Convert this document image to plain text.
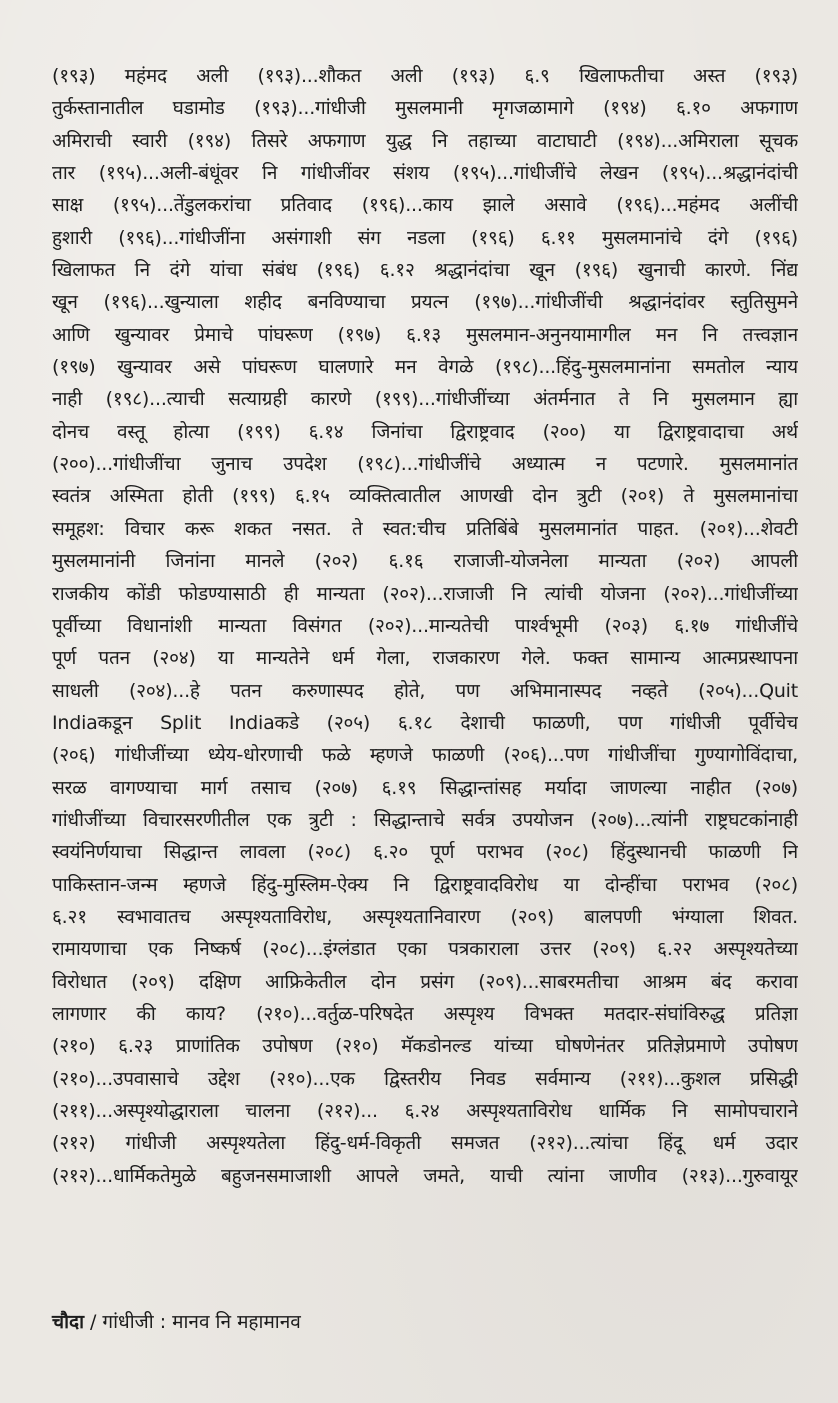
(१९३) महंमद अली (१९३)...शौकत अली (१९३) ६.९ खिलाफतीचा अस्त (१९३)
तुर्कस्तानातील घडामोड (१९३)...गांधीजी मुसलमानी मृगजळामागे (१९४) ६.१० अफगाण
अमिराची स्वारी (१९४) तिसरे अफगाण युद्ध नि तहाच्या वाटाघाटी (१९४)...अमिराला सूचक
तार (१९५)...अली-बंधूंवर नि गांधीजींवर संशय (१९५)...गांधीजींचे लेखन (१९५)...श्रद्धानंदांची
साक्ष (१९५)...तेंडुलकरांचा प्रतिवाद (१९६)...काय झाले असावे (१९६)...महंमद अलींची
हुशारी (१९६)...गांधीजींना असंगाशी संग नडला (१९६) ६.११ मुसलमानांचे दंगे (१९६)
खिलाफत नि दंगे यांचा संबंध (१९६) ६.१२ श्रद्धानंदांचा खून (१९६) खुनाची कारणे. निंद्य
खून (१९६)...खुन्याला शहीद बनविण्याचा प्रयत्न (१९७)...गांधीजींची श्रद्धानंदांवर स्तुतिसुमने
आणि खुन्यावर प्रेमाचे पांघरूण (१९७) ६.१३ मुसलमान-अनुनयामागील मन नि तत्त्वज्ञान
(१९७) खुन्यावर असे पांघरूण घालणारे मन वेगळे (१९८)...हिंदु-मुसलमानांना समतोल न्याय
नाही (१९८)...त्याची सत्याग्रही कारणे (१९९)...गांधीजींच्या अंतर्मनात ते नि मुसलमान ह्या
दोनच वस्तू होत्या (१९९) ६.१४ जिनांचा द्विराष्ट्रवाद (२००) या द्विराष्ट्रवादाचा अर्थ
(२००)...गांधीजींचा जुनाच उपदेश (१९८)...गांधीजींचे अध्यात्म न पटणारे. मुसलमानांत
स्वतंत्र अस्मिता होती (१९९) ६.१५ व्यक्तित्वातील आणखी दोन त्रुटी (२०१) ते मुसलमानांचा
समूहश: विचार करू शकत नसत. ते स्वत:चीच प्रतिबिंबे मुसलमानांत पाहत. (२०१)...शेवटी
मुसलमानांनी जिनांना मानले (२०२) ६.१६ राजाजी-योजनेला मान्यता (२०२) आपली
राजकीय कोंडी फोडण्यासाठी ही मान्यता (२०२)...राजाजी नि त्यांची योजना (२०२)...गांधीजींच्या
पूर्वीच्या विधानांशी मान्यता विसंगत (२०२)...मान्यतेची पार्श्वभूमी (२०३) ६.१७ गांधीजींचे
पूर्ण पतन (२०४) या मान्यतेने धर्म गेला, राजकारण गेले. फक्त सामान्य आत्मप्रस्थापना
साधली (२०४)...हे पतन करुणास्पद होते, पण अभिमानास्पद नव्हते (२०५)...Quit
Indiaकडून Split Indiaकडे (२०५) ६.१८ देशाची फाळणी, पण गांधीजी पूर्वीचेच
(२०६) गांधीजींच्या ध्येय-धोरणाची फळे म्हणजे फाळणी (२०६)...पण गांधीजींचा गुण्यागोविंदाचा,
सरळ वागण्याचा मार्ग तसाच (२०७) ६.१९ सिद्धान्तांसह मर्यादा जाणल्या नाहीत (२०७)
गांधीजींच्या विचारसरणीतील एक त्रुटी : सिद्धान्ताचे सर्वत्र उपयोजन (२०७)...त्यांनी राष्ट्रघटकांनाही
स्वयंनिर्णयाचा सिद्धान्त लावला (२०८) ६.२० पूर्ण पराभव (२०८) हिंदुस्थानची फाळणी नि
पाकिस्तान-जन्म म्हणजे हिंदु-मुस्लिम-ऐक्य नि द्विराष्ट्रवादविरोध या दोन्हींचा पराभव (२०८)
६.२१ स्वभावातच अस्पृश्यताविरोध, अस्पृश्यतानिवारण (२०९) बालपणी भंग्याला शिवत.
रामायणाचा एक निष्कर्ष (२०८)...इंग्लंडात एका पत्रकाराला उत्तर (२०९) ६.२२ अस्पृश्यतेच्या
विरोधात (२०९) दक्षिण आफ्रिकेतील दोन प्रसंग (२०९)...साबरमतीचा आश्रम बंद करावा
लागणार की काय? (२१०)...वर्तुळ-परिषदेत अस्पृश्य विभक्त मतदार-संघांविरुद्ध प्रतिज्ञा
(२१०) ६.२३ प्राणांतिक उपोषण (२१०) मॅकडोनल्ड यांच्या घोषणेनंतर प्रतिज्ञेप्रमाणे उपोषण
(२१०)...उपवासाचे उद्देश (२१०)...एक द्विस्तरीय निवड सर्वमान्य (२११)...कुशल प्रसिद्धी
(२११)...अस्पृश्योद्धाराला चालना (२१२)... ६.२४ अस्पृश्यताविरोध धार्मिक नि सामोपचाराने
(२१२) गांधीजी अस्पृश्यतेला हिंदु-धर्म-विकृती समजत (२१२)...त्यांचा हिंदू धर्म उदार
(२१२)...धार्मिकतेमुळे बहुजनसमाजाशी आपले जमते, याची त्यांना जाणीव (२१३)...गुरुवायूर
चौदा / गांधीजी : मानव नि महामानव
